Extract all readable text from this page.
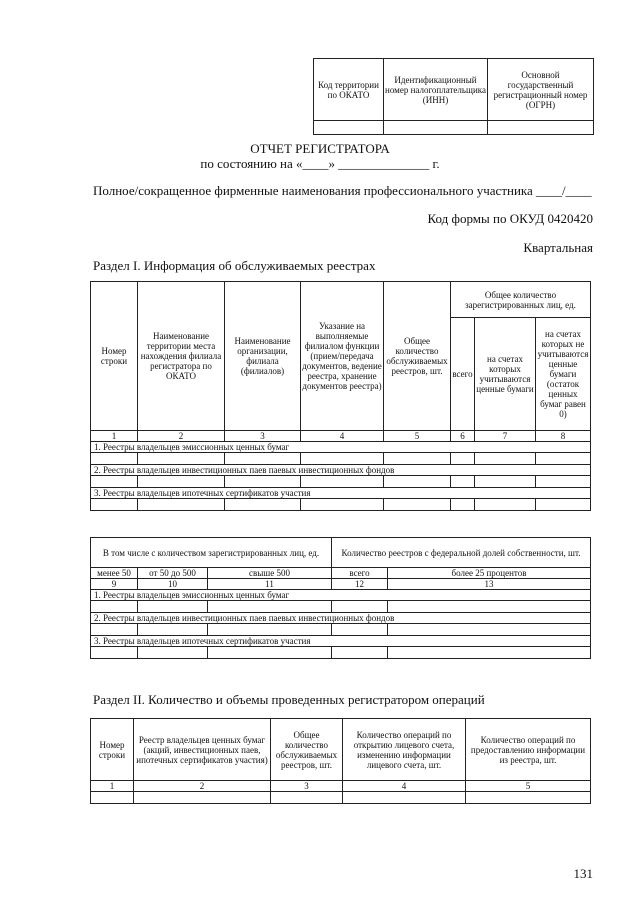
Код территории по ОКАТО	Идентификационный номер налогоплательщика (ИНН)	Основной государственный регистрационный номер (ОГРН)

ОТЧЕТ РЕГИСТРАТОРА
по состоянию на «____» ______________ г.
Полное/сокращенное фирменные наименования профессионального участника ____/____
Код формы по ОКУД 0420420
Квартальная
Раздел I. Информация об обслуживаемых реестрах
Номер строки	Наименование территории места нахождения филиала регистратора по ОКАТО	Наименование организации, филиала (филиалов)	Указание на выполняемые филиалом функции (прием/передача документов, ведение реестра, хранение документов реестра)	Общее количество обслуживаемых реестров, шт.	Общее количество зарегистрированных лиц, ед.		
					всего	на счетах которых учитываются ценные бумаги	на счетах которых не учитываются ценные бумаги (остаток ценных бумаг равен 0)
1	2	3	4	5	6	7	8
1. Реестры владельцев эмиссионных ценных бумаг							

2. Реестры владельцев инвестиционных паев паевых инвестиционных фондов							

3. Реестры владельцев ипотечных сертификатов участия							

В том числе с количеством зарегистрированных лиц, ед.			Количество реестров с федеральной долей собственности, шт.	
менее 50	от 50 до 500	свыше 500	всего	более 25 процентов
9	10	11	12	13
1. Реестры владельцев эмиссионных ценных бумаг				

2. Реестры владельцев инвестиционных паев паевых инвестиционных фондов				

3. Реестры владельцев ипотечных сертификатов участия				

Раздел II. Количество и объемы проведенных регистратором операций
Номер строки	Реестр владельцев ценных бумаг (акций, инвестиционных паев, ипотечных сертификатов участия)	Общее количество обслуживаемых реестров, шт.	Количество операций по открытию лицевого счета, изменению информации лицевого счета, шт.	Количество операций по предоставлению информации из реестра, шт.
1	2	3	4	5

131
